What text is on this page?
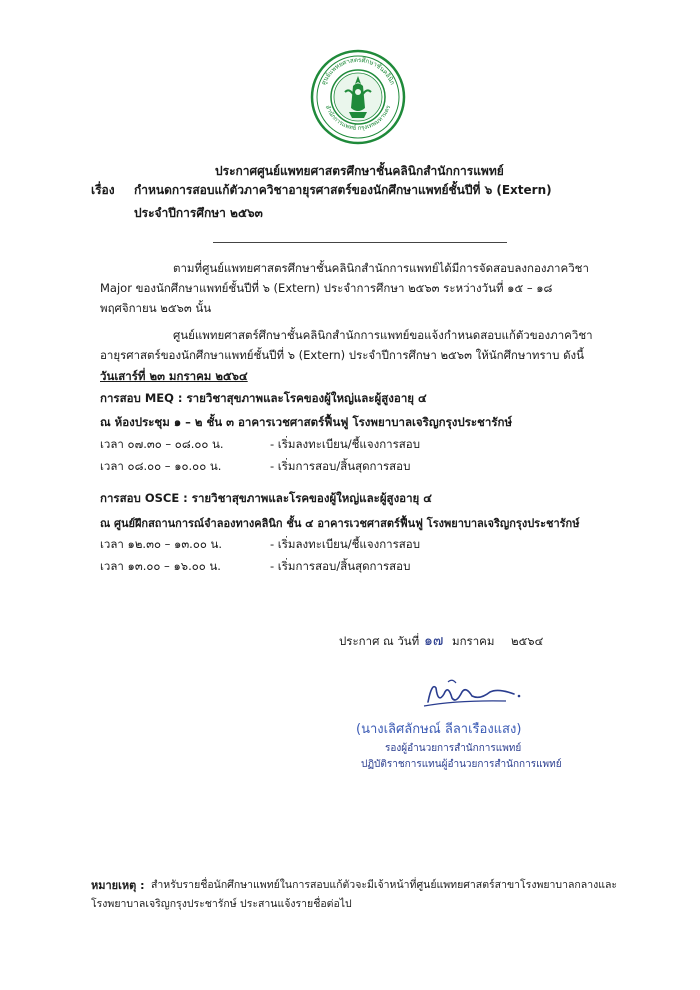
ศูนย์แพทยศาสตรศึกษาชั้นคลินิก
สำนักการแพทย์ กรุงเทพมหานคร
ประกาศศูนย์แพทยศาสตรศึกษาชั้นคลินิกสำนักการแพทย์
เรื่อง กำหนดการสอบแก้ตัวภาควิชาอายุรศาสตร์ของนักศึกษาแพทย์ชั้นปีที่ ๖ (Extern)
ประจำปีการศึกษา ๒๕๖๓
ตามที่ศูนย์แพทยศาสตรศึกษาชั้นคลินิกสำนักการแพทย์ได้มีการจัดสอบลงกองภาควิชา
Major ของนักศึกษาแพทย์ชั้นปีที่ ๖ (Extern) ประจำการศึกษา ๒๕๖๓ ระหว่างวันที่ ๑๕ – ๑๘
พฤศจิกายน ๒๕๖๓ นั้น
ศูนย์แพทยศาสตร์ศึกษาชั้นคลินิกสำนักการแพทย์ขอแจ้งกำหนดสอบแก้ตัวของภาควิชา
อายุรศาสตร์ของนักศึกษาแพทย์ชั้นปีที่ ๖ (Extern) ประจำปีการศึกษา ๒๕๖๓ ให้นักศึกษาทราบ ดังนี้
วันเสาร์ที่ ๒๓ มกราคม ๒๕๖๔
การสอบ MEQ : รายวิชาสุขภาพและโรคของผู้ใหญ่และผู้สูงอายุ ๔
ณ ห้องประชุม ๑ – ๒ ชั้น ๓ อาคารเวชศาสตร์ฟื้นฟู โรงพยาบาลเจริญกรุงประชารักษ์
เวลา ๐๗.๓๐ – ๐๘.๐๐ น.	- เริ่มลงทะเบียน/ชี้แจงการสอบ
เวลา ๐๘.๐๐ – ๑๐.๐๐ น.	- เริ่มการสอบ/สิ้นสุดการสอบ
การสอบ OSCE : รายวิชาสุขภาพและโรคของผู้ใหญ่และผู้สูงอายุ ๔
ณ ศูนย์ฝึกสถานการณ์จำลองทางคลินิก ชั้น ๔ อาคารเวชศาสตร์ฟื้นฟู โรงพยาบาลเจริญกรุงประชารักษ์
เวลา ๑๒.๓๐ – ๑๓.๐๐ น.	- เริ่มลงทะเบียน/ชี้แจงการสอบ
เวลา ๑๓.๐๐ – ๑๖.๐๐ น.	- เริ่มการสอบ/สิ้นสุดการสอบ
ประกาศ ณ วันที่ ๑๗ มกราคม ๒๕๖๔
(นางเลิศลักษณ์ ลีลาเรืองแสง)
รองผู้อำนวยการสำนักการแพทย์
ปฏิบัติราชการแทนผู้อำนวยการสำนักการแพทย์
หมายเหตุ : สำหรับรายชื่อนักศึกษาแพทย์ในการสอบแก้ตัวจะมีเจ้าหน้าที่ศูนย์แพทยศาสตร์สาขาโรงพยาบาลกลางและ
โรงพยาบาลเจริญกรุงประชารักษ์ ประสานแจ้งรายชื่อต่อไป
